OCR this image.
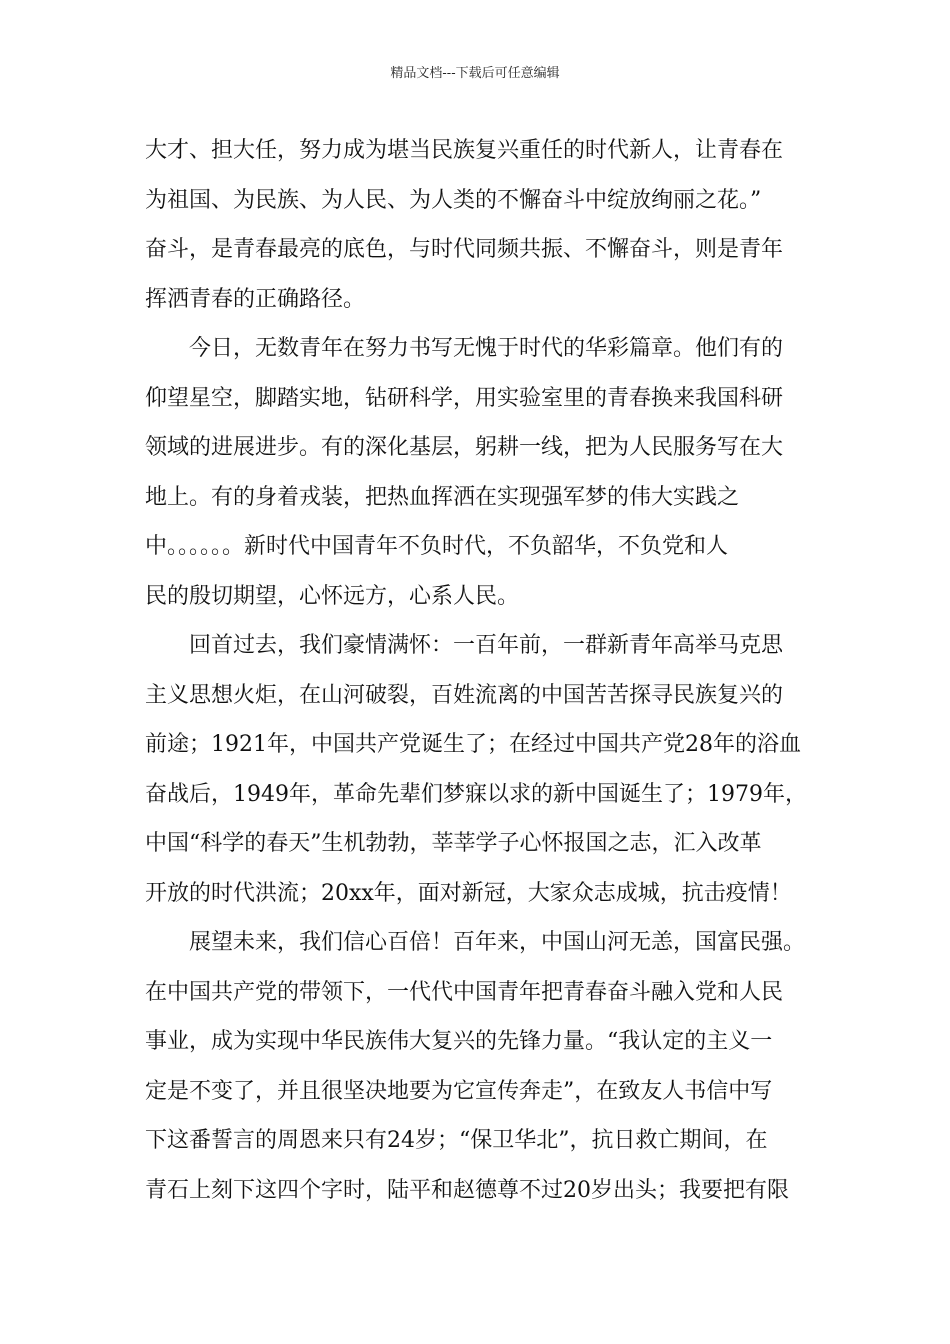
精品文档---下载后可任意编辑
大才、担大任，努力成为堪当民族复兴重任的时代新人，让青春在
为祖国、为民族、为人民、为人类的不懈奋斗中绽放绚丽之花。”
奋斗，是青春最亮的底色，与时代同频共振、不懈奋斗，则是青年
挥洒青春的正确路径。
今日，无数青年在努力书写无愧于时代的华彩篇章。他们有的
仰望星空，脚踏实地，钻研科学，用实验室里的青春换来我国科研
领域的进展进步。有的深化基层，躬耕一线，把为人民服务写在大
地上。有的身着戎装，把热血挥洒在实现强军梦的伟大实践之
中。。。。。。新时代中国青年不负时代，不负韶华，不负党和人
民的殷切期望，心怀远方，心系人民。
回首过去，我们豪情满怀：一百年前，一群新青年高举马克思
主义思想火炬，在山河破裂，百姓流离的中国苦苦探寻民族复兴的
前途；1921年，中国共产党诞生了；在经过中国共产党28年的浴血
奋战后，1949年，革命先辈们梦寐以求的新中国诞生了；1979年，
中国“科学的春天”生机勃勃，莘莘学子心怀报国之志，汇入改革
开放的时代洪流；20xx年，面对新冠，大家众志成城，抗击疫情！
展望未来，我们信心百倍！百年来，中国山河无恙，国富民强。
在中国共产党的带领下，一代代中国青年把青春奋斗融入党和人民
事业，成为实现中华民族伟大复兴的先锋力量。“我认定的主义一
定是不变了，并且很坚决地要为它宣传奔走”，在致友人书信中写
下这番誓言的周恩来只有24岁；“保卫华北”，抗日救亡期间，在
青石上刻下这四个字时，陆平和赵德尊不过20岁出头；我要把有限
